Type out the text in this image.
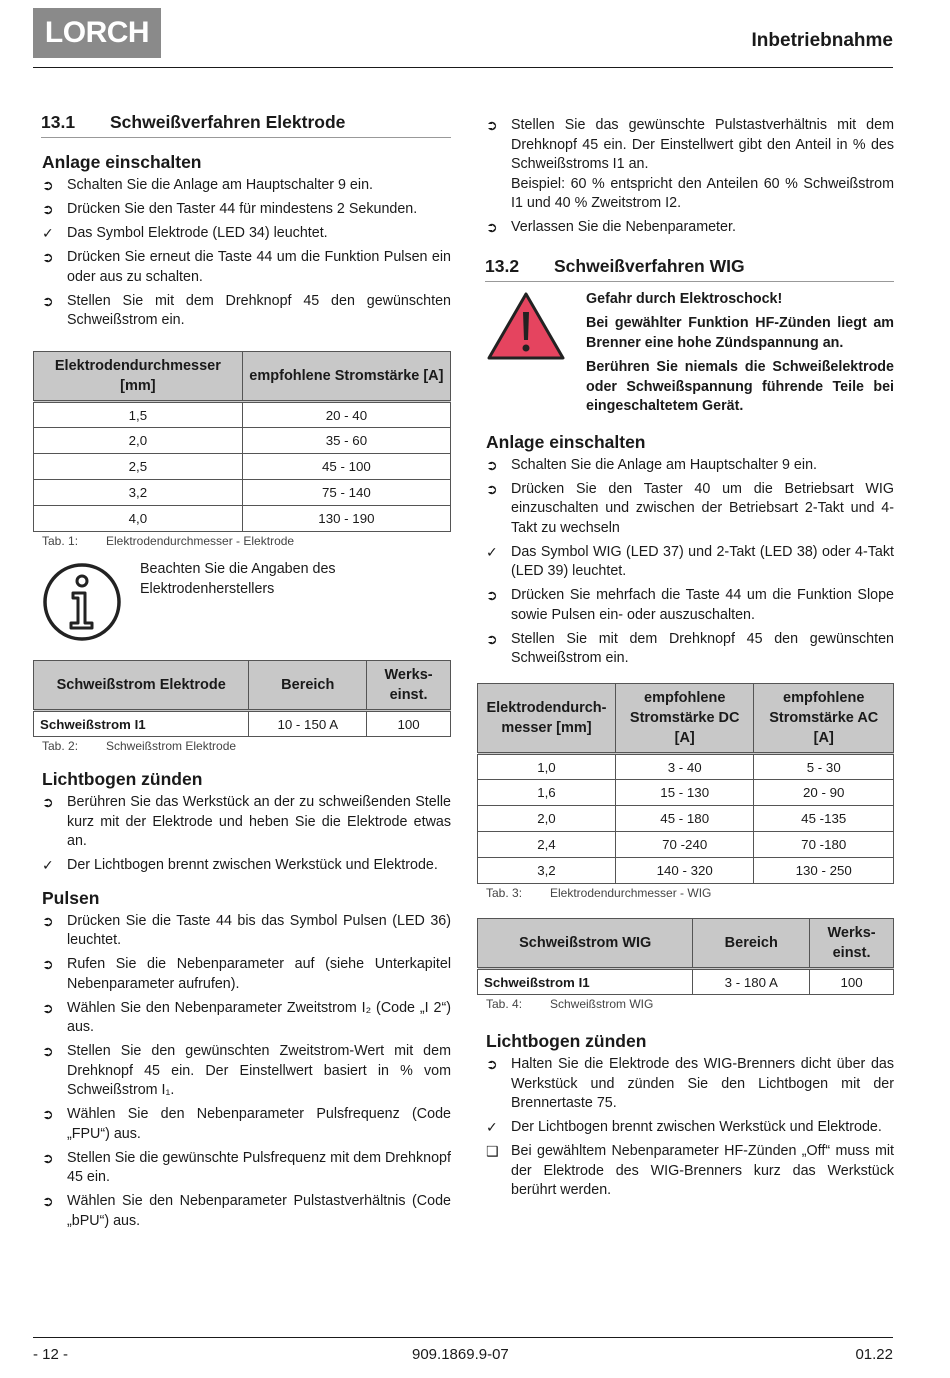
LORCH	Inbetriebnahme
13.1	Schweißverfahren Elektrode
Anlage einschalten
➲ Schalten Sie die Anlage am Hauptschalter 9 ein.
➲ Drücken Sie den Taster 44 für mindestens 2 Sekunden.
✓ Das Symbol Elektrode (LED 34) leuchtet.
➲ Drücken Sie erneut die Taste 44 um die Funktion Pulsen ein oder aus zu schalten.
➲ Stellen Sie mit dem Drehknopf 45 den gewünschten Schweißstrom ein.
Elektrodendurchmesser [mm]	empfohlene Stromstärke [A]
1,5	20 - 40
2,0	35 - 60
2,5	45 - 100
3,2	75 - 140
4,0	130 - 190
Tab. 1:	Elektrodendurchmesser - Elektrode

Beachten Sie die Angaben des Elektrodenherstellers

Schweißstrom Elektrode	Bereich	Werks-einst.
Schweißstrom I1	10 - 150 A	100
Tab. 2:	Schweißstrom Elektrode
Lichtbogen zünden
➲ Berühren Sie das Werkstück an der zu schweißenden Stelle kurz mit der Elektrode und heben Sie die Elektrode etwas an.
✓ Der Lichtbogen brennt zwischen Werkstück und Elektrode.
Pulsen
➲ Drücken Sie die Taste 44 bis das Symbol Pulsen (LED 36) leuchtet.
➲ Rufen Sie die Nebenparameter auf (siehe Unterkapitel Nebenparameter aufrufen).
➲ Wählen Sie den Nebenparameter Zweitstrom I₂ (Code „I 2“) aus.
➲ Stellen Sie den gewünschten Zweitstrom-Wert mit dem Drehknopf 45 ein. Der Einstellwert basiert in % vom Schweißstrom I₁.
➲ Wählen Sie den Nebenparameter Pulsfrequenz (Code „FPU“) aus.
➲ Stellen Sie die gewünschte Pulsfrequenz mit dem Drehknopf 45 ein.
➲ Wählen Sie den Nebenparameter Pulstastverhältnis (Code „bPU“) aus.
➲ Stellen Sie das gewünschte Pulstastverhältnis mit dem Drehknopf 45 ein. Der Einstellwert gibt den Anteil in % des Schweißstroms I1 an.
Beispiel: 60 % entspricht den Anteilen 60 % Schweißstrom I1 und 40 % Zweitstrom I2.
➲ Verlassen Sie die Nebenparameter.
13.2	Schweißverfahren WIG

Gefahr durch Elektroschock!

Bei gewählter Funktion HF-Zünden liegt am Brenner eine hohe Zündspannung an.

Berühren Sie niemals die Schweißelektrode oder Schweißspannung führende Teile bei eingeschaltetem Gerät.

Anlage einschalten
➲ Schalten Sie die Anlage am Hauptschalter 9 ein.
➲ Drücken Sie den Taster 40 um die Betriebsart WIG einzuschalten und zwischen der Betriebsart 2-Takt und 4-Takt zu wechseln
✓ Das Symbol WIG (LED 37) und 2-Takt (LED 38) oder 4-Takt (LED 39) leuchtet.
➲ Drücken Sie mehrfach die Taste 44 um die Funktion Slope sowie Pulsen ein- oder auszuschalten.
➲ Stellen Sie mit dem Drehknopf 45 den gewünschten Schweißstrom ein.
Elektrodendurch-messer [mm]	empfohlene Stromstärke DC [A]	empfohlene Stromstärke AC [A]
1,0	3 - 40	5 - 30
1,6	15 - 130	20 - 90
2,0	45 - 180	45 -135
2,4	70 -240	70 -180
3,2	140 - 320	130 - 250
Tab. 3:	Elektrodendurchmesser - WIG
Schweißstrom WIG	Bereich	Werks-einst.
Schweißstrom I1	3 - 180 A	100
Tab. 4:	Schweißstrom WIG
Lichtbogen zünden
➲ Halten Sie die Elektrode des WIG-Brenners dicht über das Werkstück und zünden Sie den Lichtbogen mit der Brennertaste 75.
✓ Der Lichtbogen brennt zwischen Werkstück und Elektrode.
❑ Bei gewähltem Nebenparameter HF-Zünden „Off“ muss mit der Elektrode des WIG-Brenners kurz das Werkstück berührt werden.
- 12 -	909.1869.9-07	01.22
